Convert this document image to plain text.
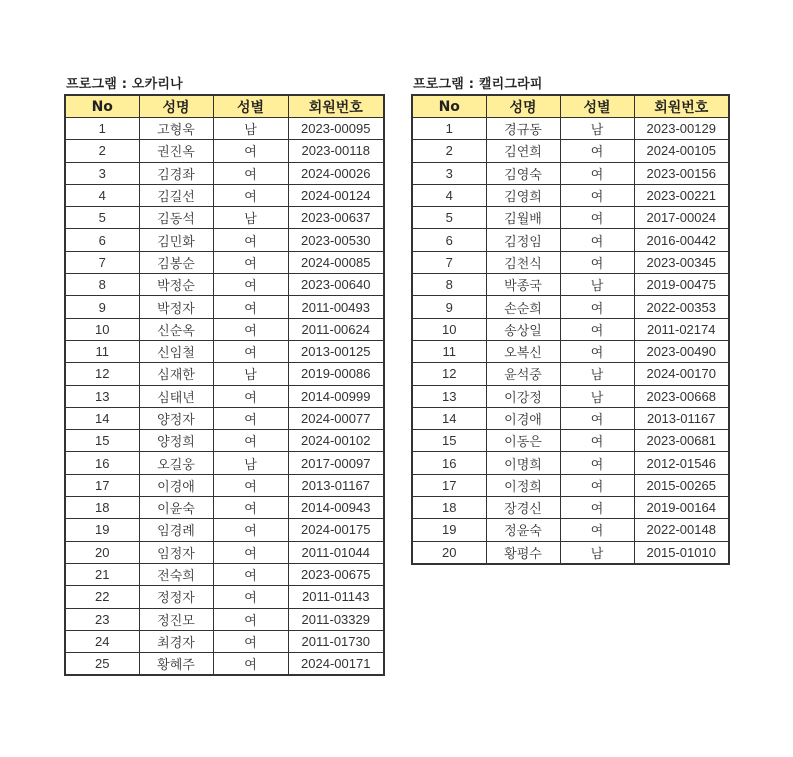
프로그램 : 오카리나
No	성명	성별	회원번호
1	고형욱	남	2023-00095
2	권진옥	여	2023-00118
3	김경좌	여	2024-00026
4	김길선	여	2024-00124
5	김동석	남	2023-00637
6	김민화	여	2023-00530
7	김봉순	여	2024-00085
8	박정순	여	2023-00640
9	박정자	여	2011-00493
10	신순옥	여	2011-00624
11	신임철	여	2013-00125
12	심재한	남	2019-00086
13	심태년	여	2014-00999
14	양정자	여	2024-00077
15	양정희	여	2024-00102
16	오길웅	남	2017-00097
17	이경애	여	2013-01167
18	이윤숙	여	2014-00943
19	임경례	여	2024-00175
20	임정자	여	2011-01044
21	전숙희	여	2023-00675
22	정정자	여	2011-01143
23	정진모	여	2011-03329
24	최경자	여	2011-01730
25	황혜주	여	2024-00171
프로그램 : 캘리그라피
No	성명	성별	회원번호
1	경규동	남	2023-00129
2	김연희	여	2024-00105
3	김영숙	여	2023-00156
4	김영희	여	2023-00221
5	김월배	여	2017-00024
6	김정임	여	2016-00442
7	김천식	여	2023-00345
8	박종국	남	2019-00475
9	손순희	여	2022-00353
10	송상일	여	2011-02174
11	오복신	여	2023-00490
12	윤석중	남	2024-00170
13	이강정	남	2023-00668
14	이경애	여	2013-01167
15	이동은	여	2023-00681
16	이명희	여	2012-01546
17	이정희	여	2015-00265
18	장경신	여	2019-00164
19	정윤숙	여	2022-00148
20	황평수	남	2015-01010
